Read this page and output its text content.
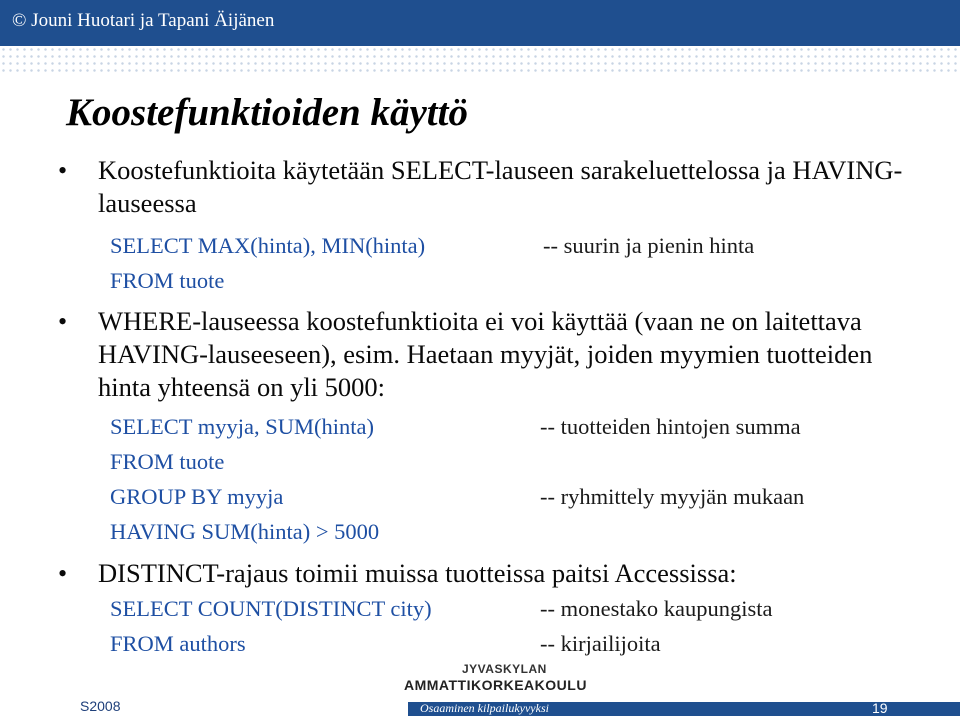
© Jouni Huotari ja Tapani Äijänen
Koostefunktioiden käyttö
• Koostefunktioita käytetään SELECT-lauseen sarakeluettelossa ja HAVING-lauseessa
SELECT MAX(hinta), MIN(hinta)	-- suurin ja pienin hinta
FROM tuote
• WHERE-lauseessa koostefunktioita ei voi käyttää (vaan ne on laitettava HAVING-lauseeseen), esim. Haetaan myyjät, joiden myymien tuotteiden hinta yhteensä on yli 5000:
SELECT myyja, SUM(hinta)	-- tuotteiden hintojen summa
FROM tuote
GROUP BY myyja	-- ryhmittely myyjän mukaan
HAVING SUM(hinta) > 5000
• DISTINCT-rajaus toimii muissa tuotteissa paitsi Accessissa:
SELECT COUNT(DISTINCT city)	-- monestako kaupungista
FROM authors	-- kirjailijoita
JYVASKYLAN
AMMATTIKORKEAKOULU
Osaaminen kilpailukyvyksi
S2008	19
